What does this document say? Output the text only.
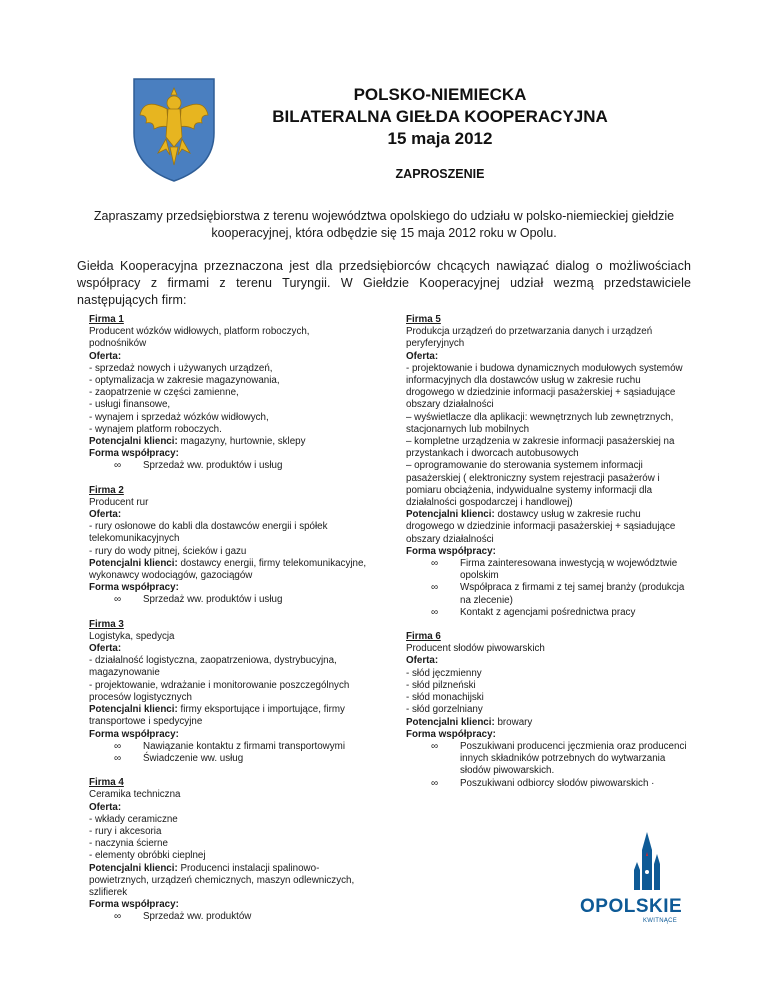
POLSKO-NIEMIECKA
BILATERALNA GIEŁDA KOOPERACYJNA
15 maja 2012
ZAPROSZENIE
Zapraszamy przedsiębiorstwa z terenu województwa opolskiego do udziału w polsko-niemieckiej giełdzie kooperacyjnej, która odbędzie się 15 maja 2012 roku w Opolu.
Giełda Kooperacyjna przeznaczona jest dla przedsiębiorców chcących nawiązać dialog o możliwościach współpracy z firmami z terenu Turyngii. W Giełdzie Kooperacyjnej udział wezmą przedstawiciele następujących firm:
Firma 1
Producent wózków widłowych, platform roboczych, podnośników
Oferta:
- sprzedaż nowych i używanych urządzeń,
- optymalizacja w zakresie magazynowania,
- zaopatrzenie w części zamienne,
- usługi finansowe,
- wynajem i sprzedaż wózków widłowych,
- wynajem platform roboczych.
Potencjalni klienci: magazyny, hurtownie, sklepy
Forma współpracy:
∞ Sprzedaż ww. produktów i usług
Firma 2
Producent rur
Oferta:
- rury osłonowe do kabli dla dostawców energii i spółek telekomunikacyjnych
- rury do wody pitnej, ścieków i gazu
Potencjalni klienci: dostawcy energii, firmy telekomunikacyjne, wykonawcy wodociągów, gazociągów
Forma współpracy:
∞ Sprzedaż ww. produktów i usług
Firma 3
Logistyka, spedycja
Oferta:
- działalność logistyczna, zaopatrzeniowa, dystrybucyjna, magazynowanie
- projektowanie, wdrażanie i monitorowanie poszczególnych procesów logistycznych
Potencjalni klienci: firmy eksportujące i importujące, firmy transportowe i spedycyjne
Forma współpracy:
∞ Nawiązanie kontaktu z firmami transportowymi
∞ Świadczenie ww. usług
Firma 4
Ceramika techniczna
Oferta:
- wkłady ceramiczne
- rury i akcesoria
- naczynia ścierne
- elementy obróbki cieplnej
Potencjalni klienci: Producenci instalacji spalinowo-powietrznych, urządzeń chemicznych, maszyn odlewniczych, szlifierek
Forma współpracy:
∞ Sprzedaż ww. produktów
Firma 5
Produkcja urządzeń do przetwarzania danych i urządzeń peryferyjnych
Oferta:
- projektowanie i budowa dynamicznych modułowych systemów informacyjnych dla dostawców usług w zakresie ruchu drogowego w dziedzinie informacji pasażerskiej + sąsiadujące obszary działalności
– wyświetlacze dla aplikacji: wewnętrznych lub zewnętrznych, stacjonarnych lub mobilnych
– kompletne urządzenia w zakresie informacji pasażerskiej na przystankach i dworcach autobusowych
– oprogramowanie do sterowania systemem informacji pasażerskiej ( elektroniczny system rejestracji pasażerów i pomiaru obciążenia, indywidualne systemy informacji dla działalności gospodarczej i handlowej)
Potencjalni klienci: dostawcy usług w zakresie ruchu drogowego w dziedzinie informacji pasażerskiej + sąsiadujące obszary działalności
Forma współpracy:
∞ Firma zainteresowana inwestycją w województwie opolskim
∞ Współpraca z firmami z tej samej branży (produkcja na zlecenie)
∞ Kontakt z agencjami pośrednictwa pracy
Firma 6
Producent słodów piwowarskich
Oferta:
- słód jęczmienny
- słód pilzneński
- słód monachijski
- słód gorzelniany
Potencjalni klienci: browary
Forma współpracy:
∞ Poszukiwani producenci jęczmienia oraz producenci innych składników potrzebnych do wytwarzania słodów piwowarskich.
∞ Poszukiwani odbiorcy słodów piwowarskich ·
OPOLSKIE
KWITNĄCE
